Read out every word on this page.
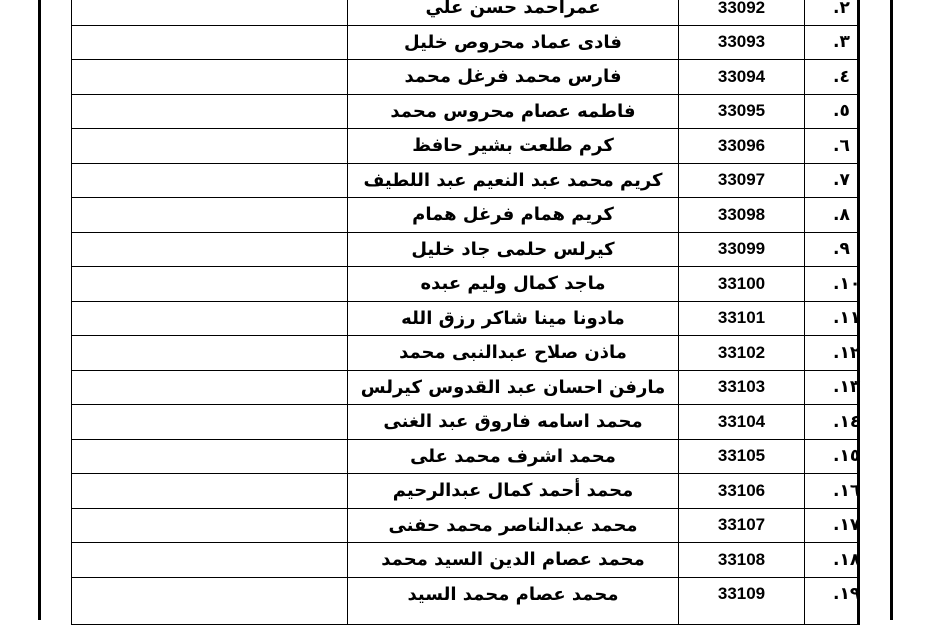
	عمراحمد حسن علي	33092	.٢
	فادى عماد محروص خليل	33093	.٣
	فارس محمد فرغل محمد	33094	.٤
	فاطمه عصام محروس محمد	33095	.٥
	كرم طلعت بشير حافظ	33096	.٦
	كريم محمد عبد النعيم عبد اللطيف	33097	.٧
	كريم همام فرغل همام	33098	.٨
	كيرلس حلمى جاد خليل	33099	.٩
	ماجد كمال وليم عبده	33100	.١٠
	مادونا مينا شاكر رزق الله	33101	.١١
	ماذن صلاح عبدالنبى محمد	33102	.١٢
	مارفن احسان عبد القدوس كيرلس	33103	.١٣
	محمد اسامه فاروق عبد الغنى	33104	.١٤
	محمد اشرف محمد على	33105	.١٥
	محمد أحمد كمال عبدالرحيم	33106	.١٦
	محمد عبدالناصر محمد حفنى	33107	.١٧
	محمد عصام الدين السيد محمد	33108	.١٨
	محمد عصام محمد السيد	33109	.١٩
